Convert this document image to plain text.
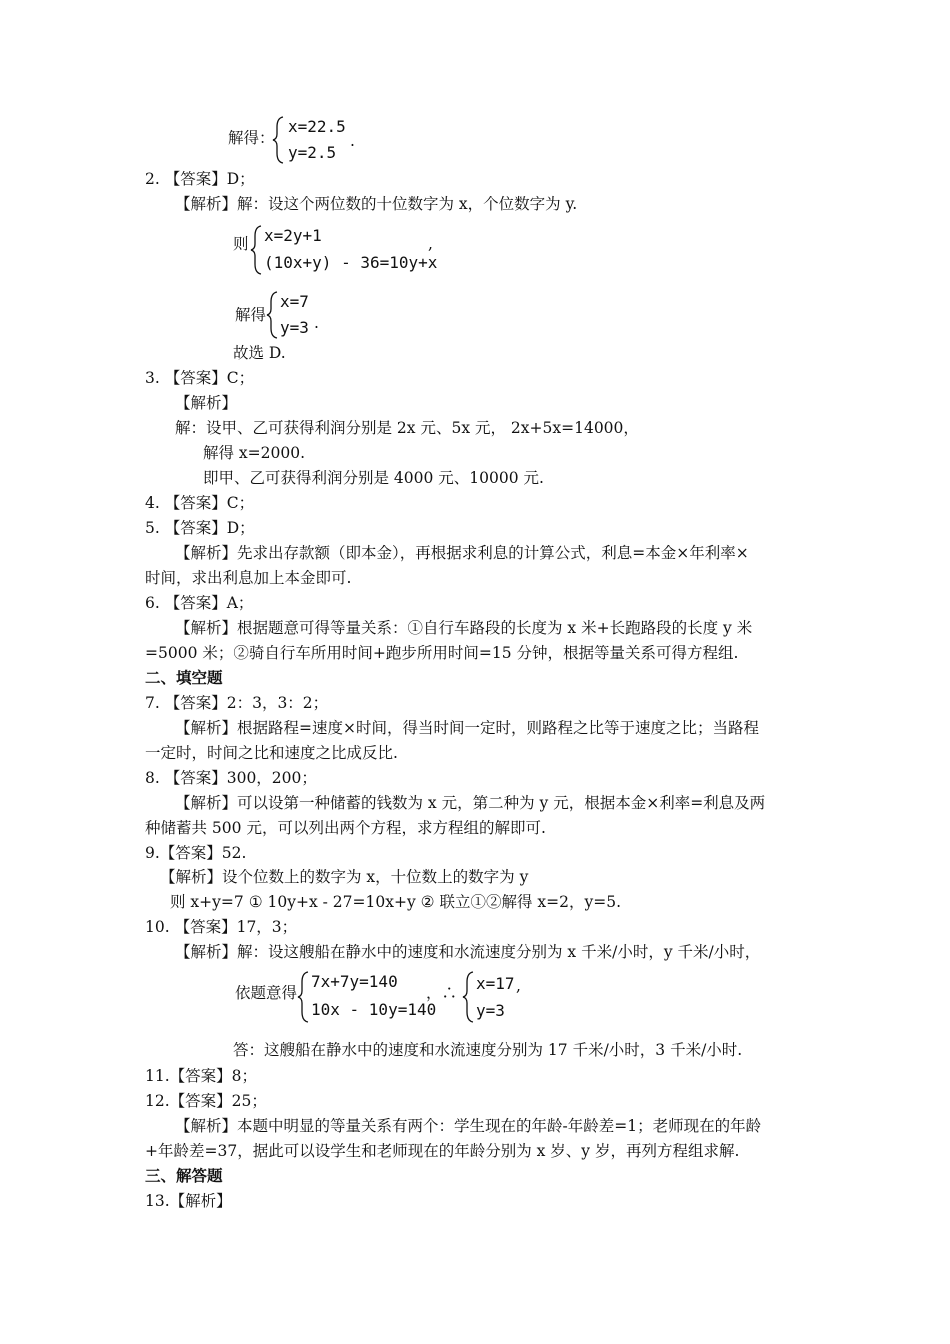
解得：
x=22.5
y=2.5
.
2. 【答案】D；
【解析】解：设这个两位数的十位数字为 x，个位数字为 y.
则 x=2y+1
(10x+y) - 36=10y+x
,
解得
x=7
y=3 .
故选 D.
3. 【答案】C；
【解析】
解：设甲、乙可获得利润分别是 2x 元、5x 元， 2x+5x=14000，
解得 x=2000.
即甲、乙可获得利润分别是 4000 元、10000 元.
4. 【答案】C；
5. 【答案】D；
【解析】先求出存款额（即本金），再根据求利息的计算公式，利息=本金×年利率×
时间，求出利息加上本金即可.
6. 【答案】A；
【解析】根据题意可得等量关系：①自行车路段的长度为 x 米+长跑路段的长度 y 米
=5000 米；②骑自行车所用时间+跑步所用时间=15 分钟，根据等量关系可得方程组.
二、填空题
7. 【答案】2：3，3：2；
【解析】根据路程=速度×时间，得当时间一定时，则路程之比等于速度之比；当路程
一定时，时间之比和速度之比成反比.
8. 【答案】300，200；
【解析】可以设第一种储蓄的钱数为 x 元，第二种为 y 元，根据本金×利率=利息及两
种储蓄共 500 元，可以列出两个方程，求方程组的解即可.
9.【答案】52.
【解析】设个位数上的数字为 x，十位数上的数字为 y
则 x+y=7 ① 10y+x - 27=10x+y ② 联立①②解得 x=2，y=5.
10. 【答案】17，3；
【解析】解：设这艘船在静水中的速度和水流速度分别为 x 千米/小时，y 千米/小时，
依题意得
7x+7y=140
10x - 10y=140
，∴ x=17
y=3
,
答：这艘船在静水中的速度和水流速度分别为 17 千米/小时，3 千米/小时.
11.【答案】8；
12.【答案】25；
【解析】本题中明显的等量关系有两个：学生现在的年龄-年龄差=1；老师现在的年龄
+年龄差=37，据此可以设学生和老师现在的年龄分别为 x 岁、y 岁，再列方程组求解.
三、解答题
13.【解析】
